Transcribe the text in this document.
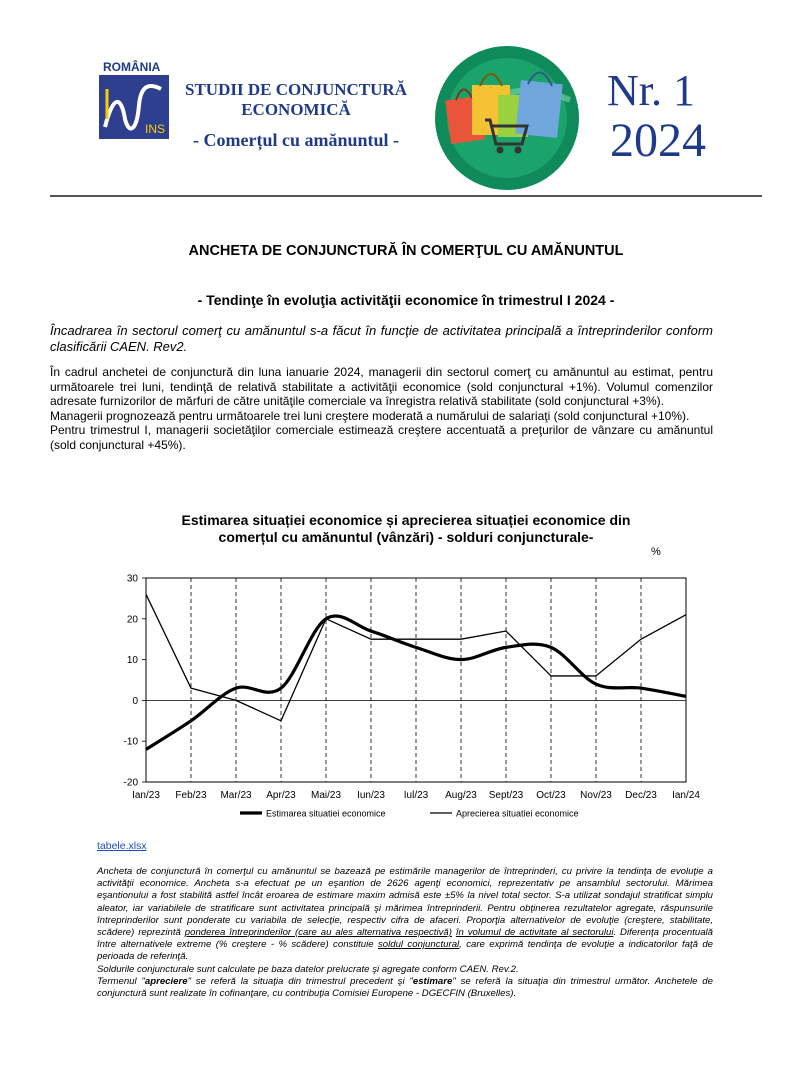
ROMÂNIA
INS
STUDII DE CONJUNCTURĂ ECONOMICĂ
- Comerțul cu amănuntul -
Nr. 1
2024
ANCHETA DE CONJUNCTURĂ ÎN COMERŢUL CU AMĂNUNTUL
- Tendinţe în evoluţia activităţii economice în trimestrul I 2024 -
Încadrarea în sectorul comerţ cu amănuntul s-a făcut în funcţie de activitatea principală a întreprinderilor conform clasificării CAEN. Rev2.

În cadrul anchetei de conjunctură din luna ianuarie 2024, managerii din sectorul comerţ cu amănuntul au estimat, pentru următoarele trei luni, tendinţă de relativă stabilitate a activităţii economice (sold conjunctural +1%). Volumul comenzilor adresate furnizorilor de mărfuri de către unităţile comerciale va înregistra relativă stabilitate (sold conjunctural +3%).

Managerii prognozează pentru următoarele trei luni creştere moderată a numărului de salariaţi (sold conjunctural +10%).

Pentru trimestrul I, managerii societăţilor comerciale estimează creştere accentuată a preţurilor de vânzare cu amănuntul (sold conjunctural +45%).

Estimarea situației economice și aprecierea situației economice din
comerțul cu amănuntul (vânzări) - solduri conjuncturale-
%
-20
-10
0
10
20
30
Ian/23 Feb/23 Mar/23 Apr/23 Mai/23 Iun/23 Iul/23 Aug/23 Sept/23 Oct/23 Nov/23 Dec/23 Ian/24
Estimarea situatiei economice	Aprecierea situatiei economice
tabele.xlsx

Ancheta de conjunctură în comerţul cu amănuntul se bazează pe estimările managerilor de întreprinderi, cu privire la tendinţa de evoluţie a activităţii economice. Ancheta s-a efectuat pe un eşantion de 2626 agenţi economici, reprezentativ pe ansamblul sectorului. Mărimea eşantionului a fost stabilită astfel încât eroarea de estimare maxim admisă este ±5% la nivel total sector. S-a utilizat sondajul stratificat simplu aleator, iar variabilele de stratificare sunt activitatea principală şi mărimea întreprinderii. Pentru obţinerea rezultatelor agregate, răspunsurile întreprinderilor sunt ponderate cu variabila de selecţie, respectiv cifra de afaceri. Proporţia alternativelor de evoluţie (creştere, stabilitate, scădere) reprezintă ponderea întreprinderilor (care au ales alternativa respectivă) în volumul de activitate al sectorului. Diferenţa procentuală între alternativele extreme (% creştere - % scădere) constituie soldul conjunctural, care exprimă tendinţa de evoluţie a indicatorilor faţă de perioada de referinţă.

Soldurile conjuncturale sunt calculate pe baza datelor prelucrate şi agregate conform CAEN. Rev.2.

Termenul "apreciere" se referă la situaţia din trimestrul precedent şi "estimare" se referă la situaţia din trimestrul următor. Anchetele de conjunctură sunt realizate în cofinanţare, cu contribuţia Comisiei Europene - DGECFIN (Bruxelles).
